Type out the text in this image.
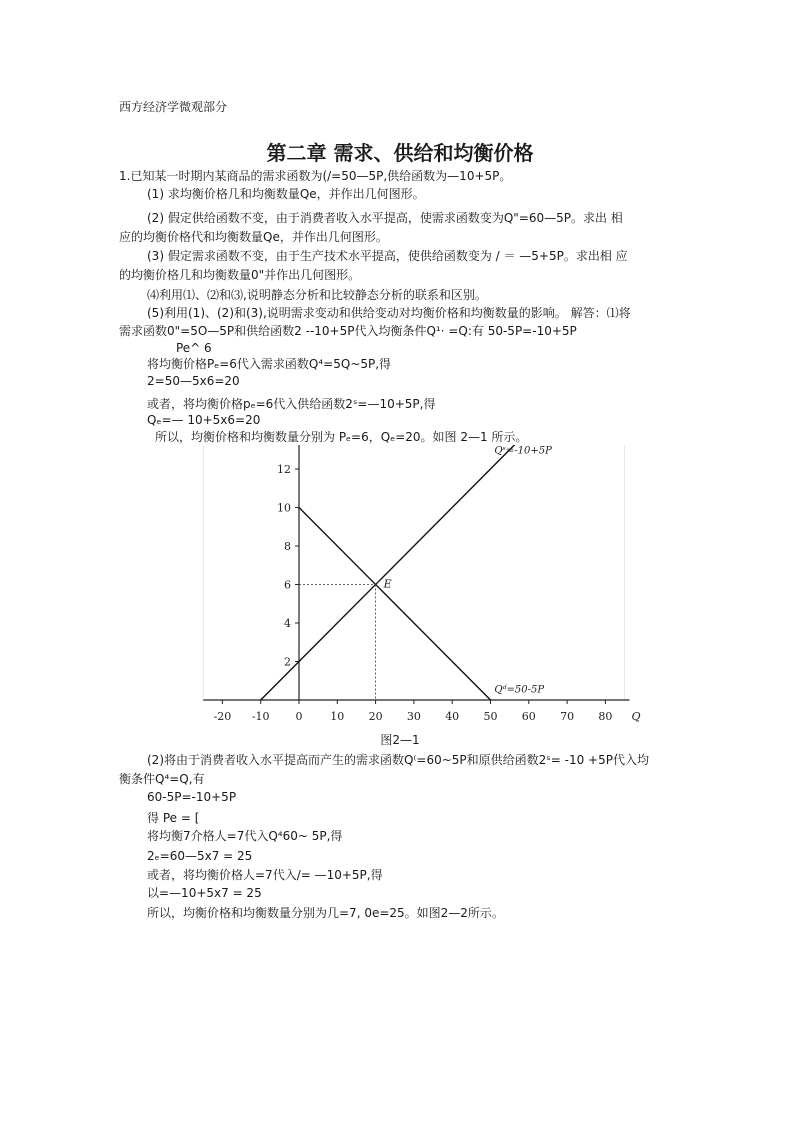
西方经济学微观部分
第二章 需求、供给和均衡价格
1.已知某一时期内某商品的需求函数为(/=50—5P,供给函数为—10+5P。
(1) 求均衡价格几和均衡数量Qe，并作出几何图形。
(2) 假定供给函数不变，由于消费者收入水平提高，使需求函数变为Q"=60—5P。求出 相
应的均衡价格代和均衡数量Qe，并作出几何图形。
(3) 假定需求函数不变，由于生产技术水平提高，使供给函数变为 / ＝ —5+5P。求出相 应
的均衡价格几和均衡数量0"并作出几何图形。
⑷利用⑴、⑵和⑶,说明静态分析和比较静态分析的联系和区别。
(5)利用(1)、(2)和(3),说明需求变动和供给变动对均衡价格和均衡数量的影响。 解答：⑴将
需求函数0"=5O—5P和供给函数2 --10+5P代入均衡条件Q¹· =Q:有 50-5P=-10+5P
Pe^ 6
将均衡价格Pₑ=6代入需求函数Q⁴=5Q~5P,得
2=50—5x6=20
或者，将均衡价格pₑ=6代入供给函数2ˢ=—10+5P,得
Qₑ=— 10+5x6=20
所以，均衡价格和均衡数量分别为 Pₑ=6，Qₑ=20。如图 2—1 所示。
(2)将由于消费者收入水平提高而产生的需求函数Q⁽=60~5P和原供给函数2ˢ= -10 +5P代入均
衡条件Q⁴=Q,有
60-5P=-10+5P
得 Pe = [
将均衡7介格人=7代入Q⁴60~ 5P,得
2ₑ=60—5x7 = 25
或者，将均衡价格人=7代入/= —10+5P,得
以=—10+5x7 = 25
所以，均衡价格和均衡数量分别为几=7, 0e=25。如图2—2所示。
-20 -10 0	10 20 30 40 50 60 70 80
2
4
6
8
10
12
Q
Qˢ=-10+5P
Qᵈ=50-5P
E
图2—1
